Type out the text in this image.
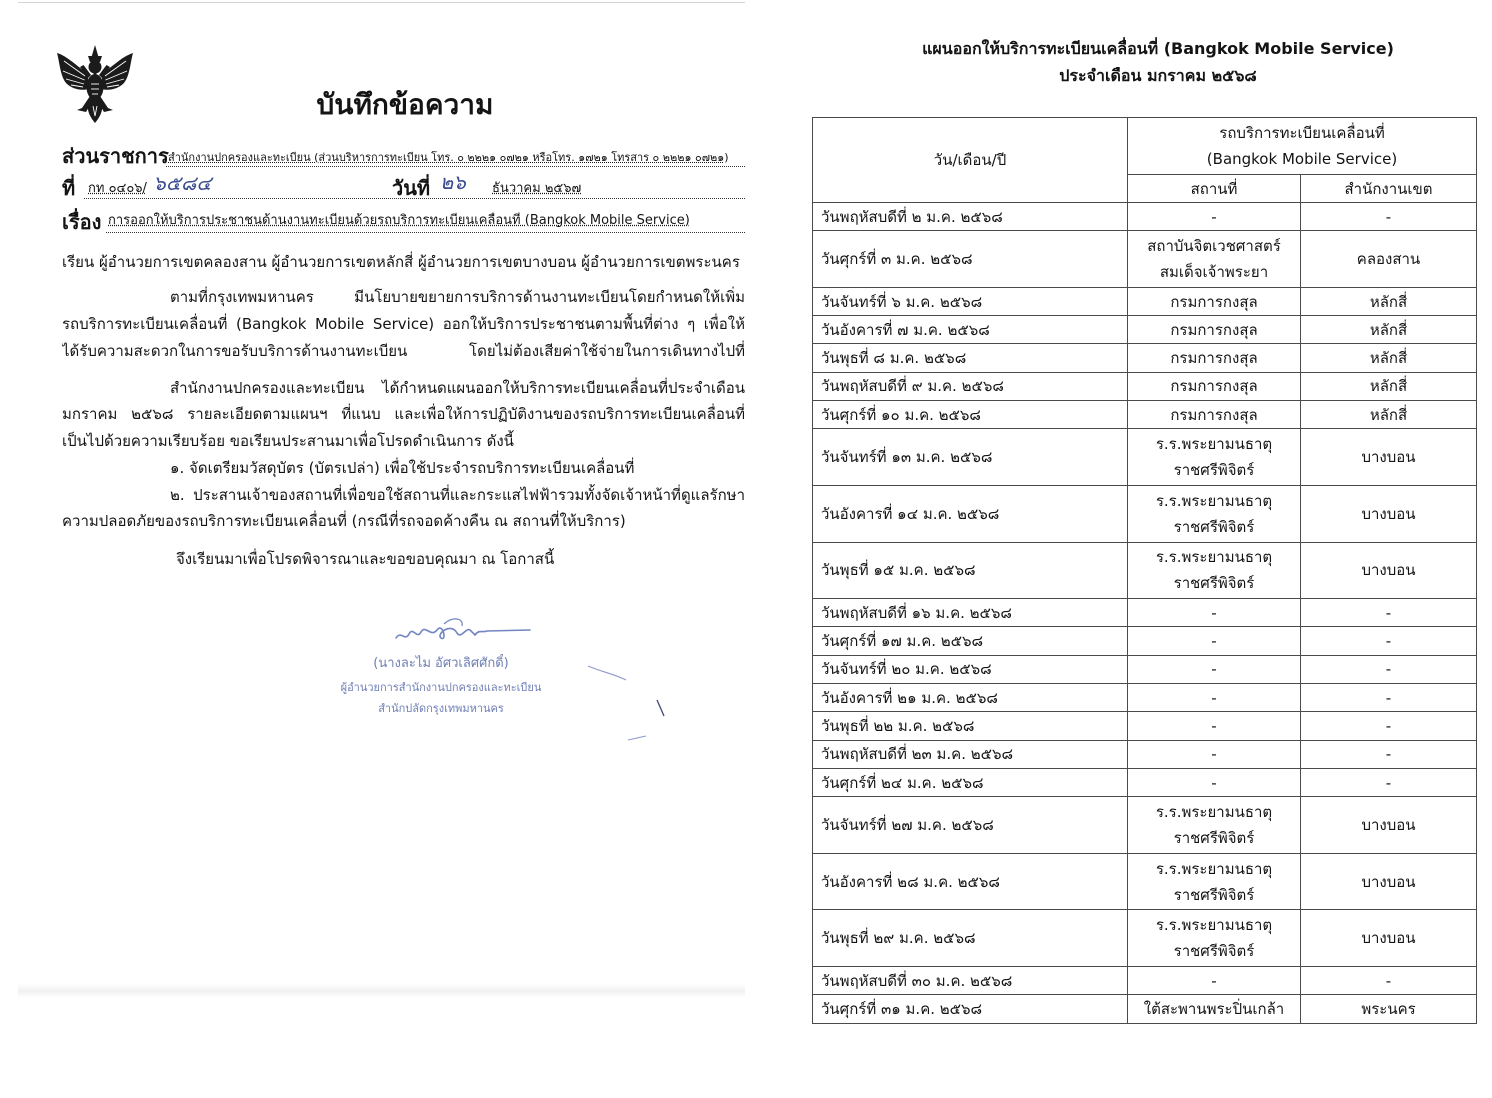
บันทึกข้อความ
ส่วนราชการ สำนักงานปกครองและทะเบียน (ส่วนบริหารการทะเบียน โทร. ๐ ๒๒๒๑ ๐๗๒๑ หรือโทร. ๑๗๒๑ โทรสาร ๐ ๒๒๒๑ ๐๗๒๑)
ที่ กท ๐๔๐๖/ ๖๕๘๔	วันที่ ๒๖ ธันวาคม ๒๕๖๗
เรื่อง การออกให้บริการประชาชนด้านงานทะเบียนด้วยรถบริการทะเบียนเคลื่อนที่ (Bangkok Mobile Service)
เรียน ผู้อำนวยการเขตคลองสาน ผู้อำนวยการเขตหลักสี่ ผู้อำนวยการเขตบางบอน ผู้อำนวยการเขตพระนคร
ตามที่กรุงเทพมหานคร มีนโยบายขยายการบริการด้านงานทะเบียนโดยกำหนดให้เพิ่ม
รถบริการทะเบียนเคลื่อนที่ (Bangkok Mobile Service) ออกให้บริการประชาชนตามพื้นที่ต่าง ๆ เพื่อให้
ได้รับความสะดวกในการขอรับบริการด้านงานทะเบียน โดยไม่ต้องเสียค่าใช้จ่ายในการเดินทางไปที่
สำนักงานปกครองและทะเบียน ได้กำหนดแผนออกให้บริการทะเบียนเคลื่อนที่ประจำเดือน
มกราคม ๒๕๖๘ รายละเอียดตามแผนฯ ที่แนบ และเพื่อให้การปฏิบัติงานของรถบริการทะเบียนเคลื่อนที่
เป็นไปด้วยความเรียบร้อย ขอเรียนประสานมาเพื่อโปรดดำเนินการ ดังนี้
๑. จัดเตรียมวัสดุบัตร (บัตรเปล่า) เพื่อใช้ประจำรถบริการทะเบียนเคลื่อนที่
๒. ประสานเจ้าของสถานที่เพื่อขอใช้สถานที่และกระแสไฟฟ้ารวมทั้งจัดเจ้าหน้าที่ดูแลรักษา
ความปลอดภัยของรถบริการทะเบียนเคลื่อนที่ (กรณีที่รถจอดค้างคืน ณ สถานที่ให้บริการ)
จึงเรียนมาเพื่อโปรดพิจารณาและขอขอบคุณมา ณ โอกาสนี้
(นางละไม อัศวเลิศศักดิ์)
ผู้อำนวยการสำนักงานปกครองและทะเบียน
สำนักปลัดกรุงเทพมหานคร
แผนออกให้บริการทะเบียนเคลื่อนที่ (Bangkok Mobile Service)
ประจำเดือน มกราคม ๒๕๖๘
วัน/เดือน/ปี	รถบริการทะเบียนเคลื่อนที่
(Bangkok Mobile Service)	

	สถานที่	สำนักงานเขต
วันพฤหัสบดีที่ ๒ ม.ค. ๒๕๖๘	-	-
วันศุกร์ที่ ๓ ม.ค. ๒๕๖๘	สถาบันจิตเวชศาสตร์
สมเด็จเจ้าพระยา	คลองสาน
วันจันทร์ที่ ๖ ม.ค. ๒๕๖๘	กรมการกงสุล	หลักสี่
วันอังคารที่ ๗ ม.ค. ๒๕๖๘	กรมการกงสุล	หลักสี่
วันพุธที่ ๘ ม.ค. ๒๕๖๘	กรมการกงสุล	หลักสี่
วันพฤหัสบดีที่ ๙ ม.ค. ๒๕๖๘	กรมการกงสุล	หลักสี่
วันศุกร์ที่ ๑๐ ม.ค. ๒๕๖๘	กรมการกงสุล	หลักสี่
วันจันทร์ที่ ๑๓ ม.ค. ๒๕๖๘	ร.ร.พระยามนธาตุ
ราชศรีพิจิตร์	บางบอน
วันอังคารที่ ๑๔ ม.ค. ๒๕๖๘	ร.ร.พระยามนธาตุ
ราชศรีพิจิตร์	บางบอน
วันพุธที่ ๑๕ ม.ค. ๒๕๖๘	ร.ร.พระยามนธาตุ
ราชศรีพิจิตร์	บางบอน
วันพฤหัสบดีที่ ๑๖ ม.ค. ๒๕๖๘	-	-
วันศุกร์ที่ ๑๗ ม.ค. ๒๕๖๘	-	-
วันจันทร์ที่ ๒๐ ม.ค. ๒๕๖๘	-	-
วันอังคารที่ ๒๑ ม.ค. ๒๕๖๘	-	-
วันพุธที่ ๒๒ ม.ค. ๒๕๖๘	-	-
วันพฤหัสบดีที่ ๒๓ ม.ค. ๒๕๖๘	-	-
วันศุกร์ที่ ๒๔ ม.ค. ๒๕๖๘	-	-
วันจันทร์ที่ ๒๗ ม.ค. ๒๕๖๘	ร.ร.พระยามนธาตุ
ราชศรีพิจิตร์	บางบอน
วันอังคารที่ ๒๘ ม.ค. ๒๕๖๘	ร.ร.พระยามนธาตุ
ราชศรีพิจิตร์	บางบอน
วันพุธที่ ๒๙ ม.ค. ๒๕๖๘	ร.ร.พระยามนธาตุ
ราชศรีพิจิตร์	บางบอน
วันพฤหัสบดีที่ ๓๐ ม.ค. ๒๕๖๘	-	-
วันศุกร์ที่ ๓๑ ม.ค. ๒๕๖๘	ใต้สะพานพระปิ่นเกล้า	พระนคร
